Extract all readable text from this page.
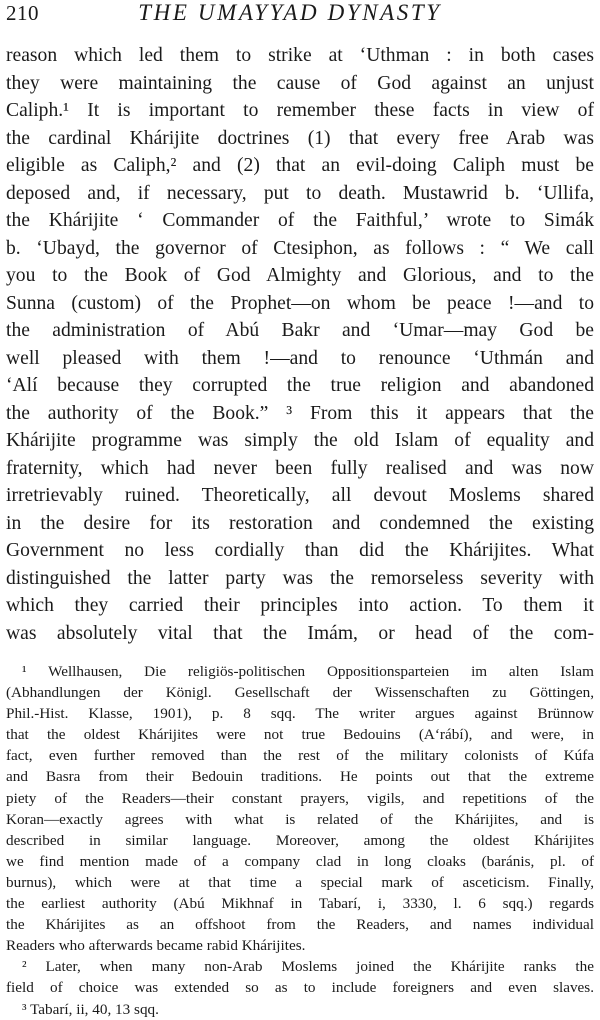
210	THE UMAYYAD DYNASTY

reason which led them to strike at ‘Uthman : in both cases

they were maintaining the cause of God against an unjust

Caliph.¹ It is important to remember these facts in view of

the cardinal Khárijite doctrines (1) that every free Arab was

eligible as Caliph,² and (2) that an evil-doing Caliph must be

deposed and, if necessary, put to death. Mustawrid b. ‘Ullifa,

the Khárijite ‘ Commander of the Faithful,’ wrote to Simák

b. ‘Ubayd, the governor of Ctesiphon, as follows : “ We call

you to the Book of God Almighty and Glorious, and to the

Sunna (custom) of the Prophet—on whom be peace !—and to

the administration of Abú Bakr and ‘Umar—may God be

well pleased with them !—and to renounce ‘Uthmán and

‘Alí because they corrupted the true religion and abandoned

the authority of the Book.” ³ From this it appears that the

Khárijite programme was simply the old Islam of equality and

fraternity, which had never been fully realised and was now

irretrievably ruined. Theoretically, all devout Moslems shared

in the desire for its restoration and condemned the existing

Government no less cordially than did the Khárijites. What

distinguished the latter party was the remorseless severity with

which they carried their principles into action. To them it

was absolutely vital that the Imám, or head of the com-

¹ Wellhausen, Die religiös-politischen Oppositionsparteien im alten Islam

(Abhandlungen der Königl. Gesellschaft der Wissenschaften zu Göttingen,

Phil.-Hist. Klasse, 1901), p. 8 sqq. The writer argues against Brünnow

that the oldest Khárijites were not true Bedouins (A‘rábí), and were, in

fact, even further removed than the rest of the military colonists of Kúfa

and Basra from their Bedouin traditions. He points out that the extreme

piety of the Readers—their constant prayers, vigils, and repetitions of the

Koran—exactly agrees with what is related of the Khárijites, and is

described in similar language. Moreover, among the oldest Khárijites

we find mention made of a company clad in long cloaks (baránis, pl. of

burnus), which were at that time a special mark of asceticism. Finally,

the earliest authority (Abú Mikhnaf in Tabarí, i, 3330, l. 6 sqq.) regards

the Khárijites as an offshoot from the Readers, and names individual

Readers who afterwards became rabid Khárijites.

² Later, when many non-Arab Moslems joined the Khárijite ranks the

field of choice was extended so as to include foreigners and even slaves.

³ Tabarí, ii, 40, 13 sqq.
